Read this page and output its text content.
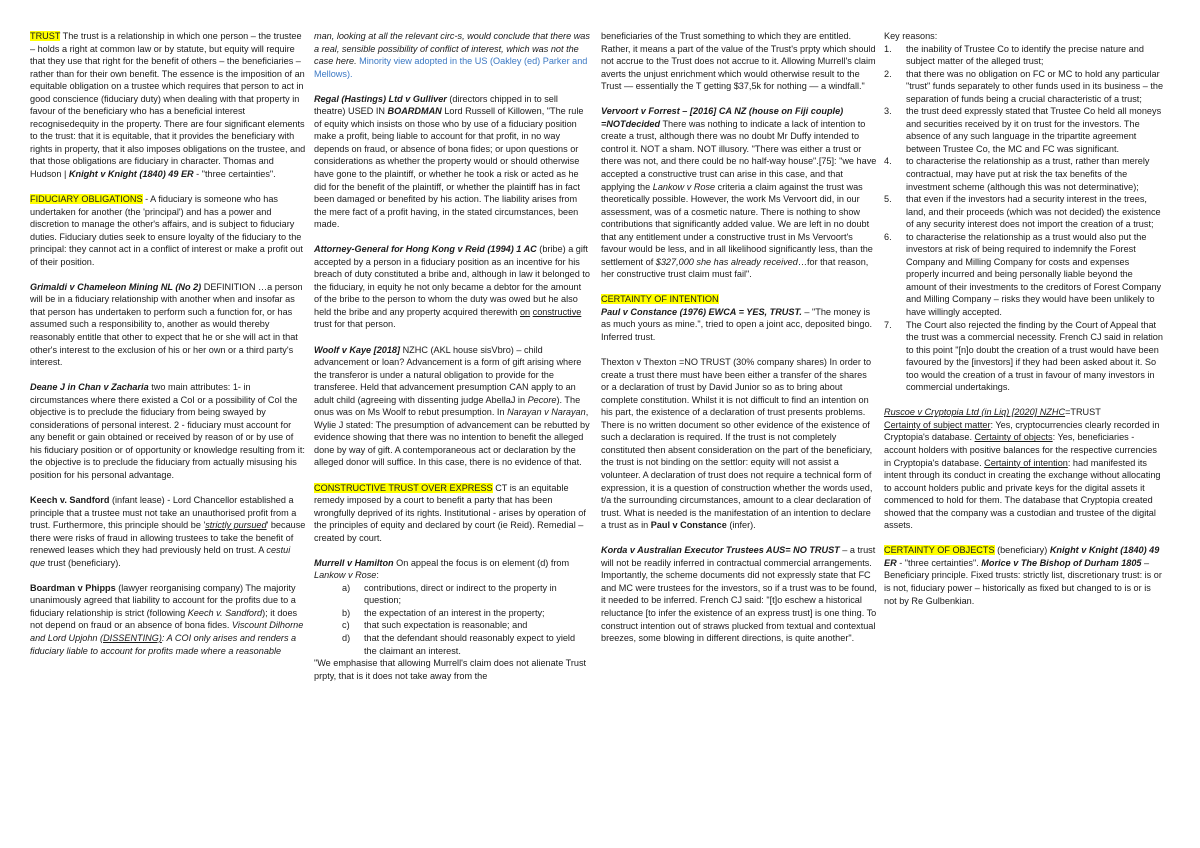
TRUST The trust is a relationship in which one person – the trustee – holds a right at common law or by statute, but equity will require that they use that right for the benefit of others – the beneficiaries – rather than for their own benefit. The essence is the imposition of an equitable obligation on a trustee which requires that person to act in good conscience (fiduciary duty) when dealing with that property in favour of the beneficiary who has a beneficial interest recognisedequity in the property. There are four significant elements to the trust: that it is equitable, that it provides the beneficiary with rights in property, that it also imposes obligations on the trustee, and that those obligations are fiduciary in character. Thomas and Hudson | Knight v Knight (1840) 49 ER - "three certainties".

FIDUCIARY OBLIGATIONS - A fiduciary is someone who has undertaken for another (the 'principal') and has a power and discretion to manage the other's affairs, and is subject to fiduciary duties. Fiduciary duties seek to ensure loyalty of the fiduciary to the principal: they cannot act in a conflict of interest or make a profit out of their position.

Grimaldi v Chameleon Mining NL (No 2) DEFINITION …a person will be in a fiduciary relationship with another when and insofar as that person has undertaken to perform such a function for, or has assumed such a responsibility to, another as would thereby reasonably entitle that other to expect that he or she will act in that other's interest to the exclusion of his or her own or a third party's interest.

Deane J in Chan v Zacharia two main attributes: 1- in circumstances where there existed a CoI or a possibility of CoI the objective is to preclude the fiduciary from being swayed by considerations of personal interest. 2 - fiduciary must account for any benefit or gain obtained or received by reason of or by use of his fiduciary position or of opportunity or knowledge resulting from it: the objective is to preclude the fiduciary from actually misusing his position for his personal advantage.

Keech v. Sandford (infant lease) - Lord Chancellor established a principle that a trustee must not take an unauthorised profit from a trust. Furthermore, this principle should be 'strictly pursued' because there were risks of fraud in allowing trustees to take the benefit of renewed leases which they had previously held on trust. A cestui que trust (beneficiary).

Boardman v Phipps (lawyer reorganising company) The majority unanimously agreed that liability to account for the profits due to a fiduciary relationship is strict (following Keech v. Sandford); it does not depend on fraud or an absence of bona fides. Viscount Dilhorne and Lord Upjohn (DISSENTING): A COI only arises and renders a fiduciary liable to account for profits made where a reasonable

man, looking at all the relevant circ-s, would conclude that there was a real, sensible possibility of conflict of interest, which was not the case here. Minority view adopted in the US (Oakley (ed) Parker and Mellows).

Regal (Hastings) Ltd v Gulliver (directors chipped in to sell theatre) USED IN BOARDMAN Lord Russell of Killowen, "The rule of equity which insists on those who by use of a fiduciary position make a profit, being liable to account for that profit, in no way depends on fraud, or absence of bona fides; or upon questions or considerations as whether the property would or should otherwise have gone to the plaintiff, or whether he took a risk or acted as he did for the benefit of the plaintiff, or whether the plaintiff has in fact been damaged or benefited by his action. The liability arises from the mere fact of a profit having, in the stated circumstances, been made.

Attorney-General for Hong Kong v Reid (1994) 1 AC (bribe) a gift accepted by a person in a fiduciary position as an incentive for his breach of duty constituted a bribe and, although in law it belonged to the fiduciary, in equity he not only became a debtor for the amount of the bribe to the person to whom the duty was owed but he also held the bribe and any property acquired therewith on constructive trust for that person.

Woolf v Kaye [2018] NZHC (AKL house sisVbro) – child advancement or loan? Advancement is a form of gift arising where the transferor is under a natural obligation to provide for the transferee. Held that advancement presumption CAN apply to an adult child (agreeing with dissenting judge AbellaJ in Pecore). The onus was on Ms Woolf to rebut presumption. In Narayan v Narayan, Wylie J stated: The presumption of advancement can be rebutted by evidence showing that there was no intention to benefit the alleged done by way of gift. A contemporaneous act or declaration by the alleged donor will suffice. In this case, there is no evidence of that.

CONSTRUCTIVE TRUST OVER EXPRESS CT is an equitable remedy imposed by a court to benefit a party that has been wrongfully deprived of its rights. Institutional - arises by operation of the principles of equity and declared by court (ie Reid). Remedial – created by court.

Murrell v Hamilton On appeal the focus is on element (d) from Lankow v Rose:
a) contributions, direct or indirect to the property in question;
b) the expectation of an interest in the property;
c) that such expectation is reasonable; and
d) that the defendant should reasonably expect to yield the claimant an interest.
"We emphasise that allowing Murrell's claim does not alienate Trust prpty, that is it does not take away from the

beneficiaries of the Trust something to which they are entitled. Rather, it means a part of the value of the Trust's prpty which should not accrue to the Trust does not accrue to it. Allowing Murrell's claim averts the unjust enrichment which would otherwise result to the Trust — essentially the T getting $37,5k for nothing — a windfall."

Vervoort v Forrest – [2016] CA NZ (house on Fiji couple) =NOTdecided There was nothing to indicate a lack of intention to create a trust, although there was no doubt Mr Duffy intended to control it. NOT a sham. NOT illusory. "There was either a trust or there was not, and there could be no half-way house".[75]: "we have accepted a constructive trust can arise in this case, and that applying the Lankow v Rose criteria a claim against the trust was theoretically possible. However, the work Ms Vervoort did, in our assessment, was of a cosmetic nature. There is nothing to show contributions that significantly added value. We are left in no doubt that any entitlement under a constructive trust in Ms Vervoort's favour would be less, and in all likelihood significantly less, than the settlement of $327,000 she has already received…for that reason, her constructive trust claim must fail".

CERTAINTY OF INTENTION
Paul v Constance (1976) EWCA = YES, TRUST. – "The money is as much yours as mine.", tried to open a joint acc, deposited bingo. Inferred trust.

Thexton v Thexton =NO TRUST (30% company shares) In order to create a trust there must have been either a transfer of the shares or a declaration of trust by David Junior so as to bring about complete constitution. Whilst it is not difficult to find an intention on his part, the existence of a declaration of trust presents problems. There is no written document so other evidence of the existence of such a declaration is required. If the trust is not completely constituted then absent consideration on the part of the beneficiary, the trust is not binding on the settlor: equity will not assist a volunteer. A declaration of trust does not require a technical form of expression, it is a question of construction whether the words used, t/a the surrounding circumstances, amount to a clear declaration of trust. What is needed is the manifestation of an intention to declare a trust as in Paul v Constance (infer).

Korda v Australian Executor Trustees AUS= NO TRUST – a trust will not be readily inferred in contractual commercial arrangements. Importantly, the scheme documents did not expressly state that FC and MC were trustees for the investors, so if a trust was to be found, it needed to be inferred. French CJ said: "[t]o eschew a historical reluctance [to infer the existence of an express trust] is one thing. To construct intention out of straws plucked from textual and contextual breezes, some blowing in different directions, is quite another".

Key reasons:
1. the inability of Trustee Co to identify the precise nature and subject matter of the alleged trust;
2. that there was no obligation on FC or MC to hold any particular "trust" funds separately to other funds used in its business – the separation of funds being a crucial characteristic of a trust;
3. the trust deed expressly stated that Trustee Co held all moneys and securities received by it on trust for the investors. The absence of any such language in the tripartite agreement between Trustee Co, the MC and FC was significant.
4. to characterise the relationship as a trust, rather than merely contractual, may have put at risk the tax benefits of the investment scheme (although this was not determinative);
5. that even if the investors had a security interest in the trees, land, and their proceeds (which was not decided) the existence of any security interest does not import the creation of a trust;
6. to characterise the relationship as a trust would also put the investors at risk of being required to indemnify the Forest Company and Milling Company for costs and expenses properly incurred and being personally liable beyond the amount of their investments to the creditors of Forest Company and Milling Company – risks they would have been unlikely to have willingly accepted.
7. The Court also rejected the finding by the Court of Appeal that the trust was a commercial necessity. French CJ said in relation to this point "[n]o doubt the creation of a trust would have been favoured by the [investors] if they had been asked about it. So too would the creation of a trust in favour of many investors in commercial undertakings.

Ruscoe v Cryptopia Ltd (in Liq) [2020] NZHC=TRUST
Certainty of subject matter: Yes, cryptocurrencies clearly recorded in Cryptopia's database. Certainty of objects: Yes, beneficiaries - account holders with positive balances for the respective currencies in Cryptopia's database. Certainty of intention: had manifested its intent through its conduct in creating the exchange without allocating to account holders public and private keys for the digital assets it commenced to hold for them. The database that Cryptopia created showed that the company was a custodian and trustee of the digital assets.

CERTAINTY OF OBJECTS (beneficiary) Knight v Knight (1840) 49 ER - "three certainties". Morice v The Bishop of Durham 1805 – Beneficiary principle. Fixed trusts: strictly list, discretionary trust: is or is not, fiduciary power – historically as fixed but changed to is or is not by Re Gulbenkian.
